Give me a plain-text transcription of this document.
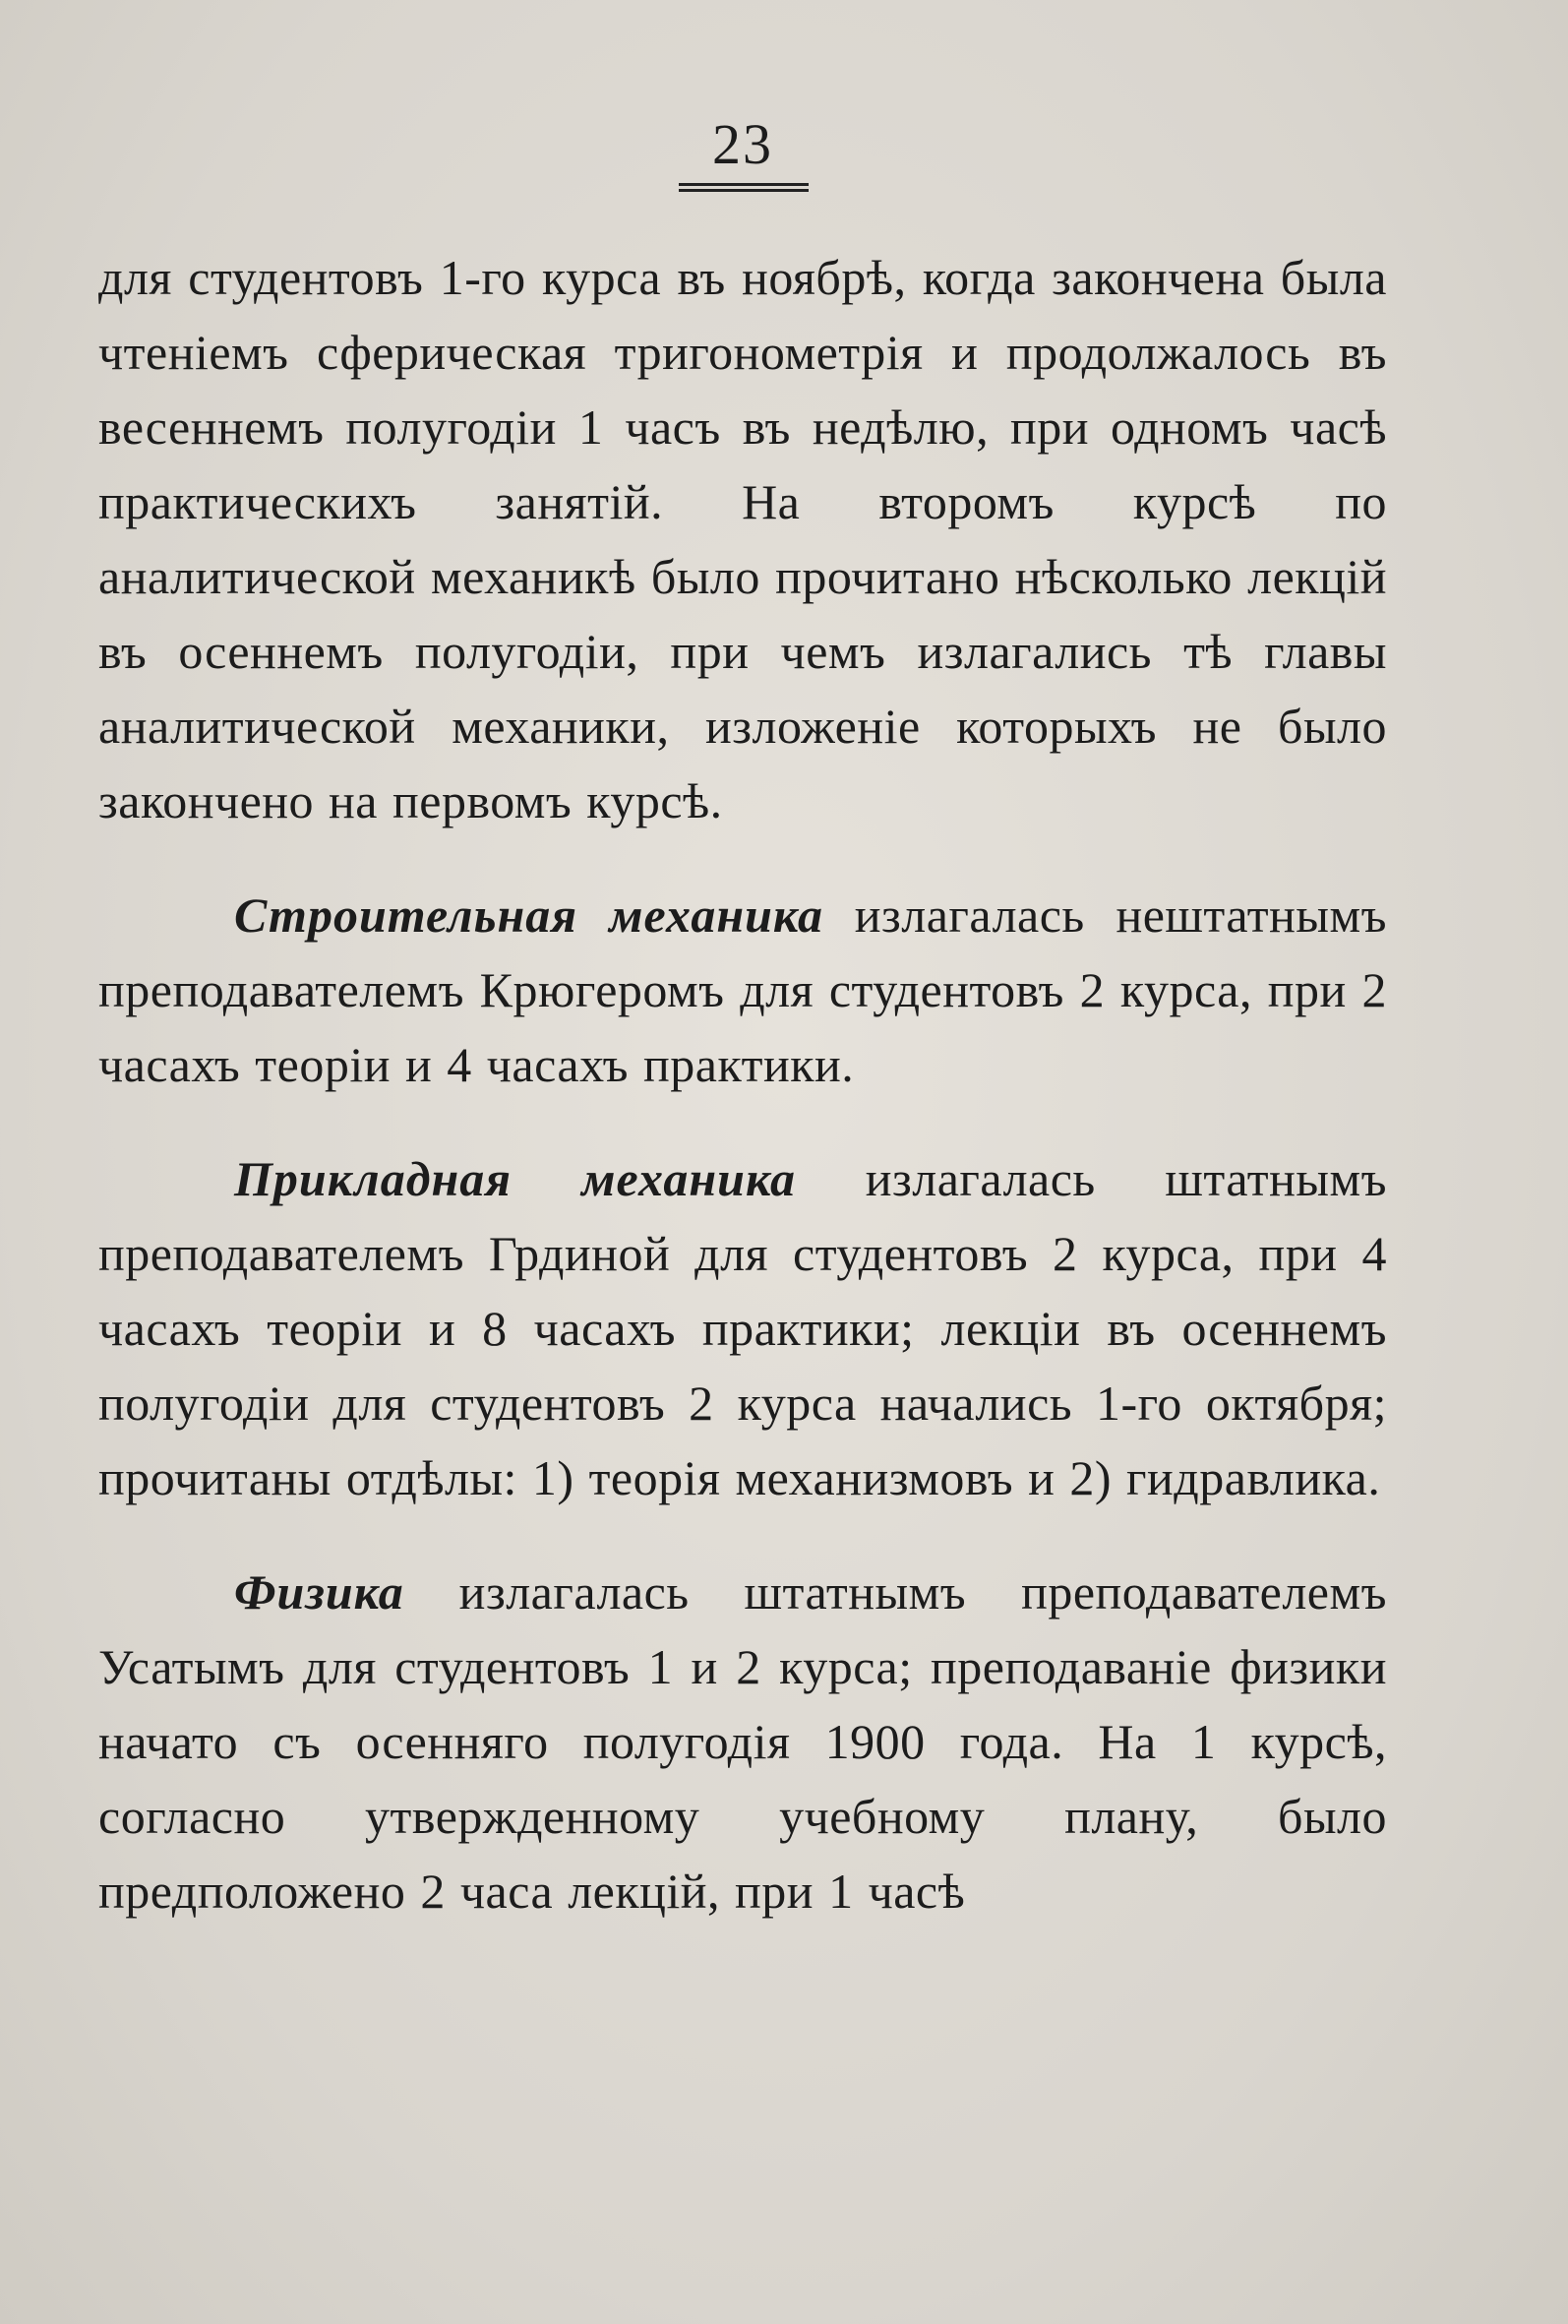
23

для студентовъ 1-го курса въ ноябрѣ, когда закончена была чтеніемъ сферическая тригонометрія и продолжалось въ весеннемъ полугодіи 1 часъ въ недѣлю, при одномъ часѣ практическихъ занятій. На второмъ курсѣ по аналитической механикѣ было прочитано нѣсколько лекцій въ осеннемъ полугодіи, при чемъ излагались тѣ главы аналитической механики, изложеніе которыхъ не было закончено на первомъ курсѣ.

Строительная механика излагалась нештатнымъ преподавателемъ Крюгеромъ для студентовъ 2 курса, при 2 часахъ теоріи и 4 часахъ практики.

Прикладная механика излагалась штатнымъ преподавателемъ Грдиной для студентовъ 2 курса, при 4 часахъ теоріи и 8 часахъ практики; лекціи въ осеннемъ полугодіи для студентовъ 2 курса начались 1-го октября; прочитаны отдѣлы: 1) теорія механизмовъ и 2) гидравлика.

Физика излагалась штатнымъ преподавателемъ Усатымъ для студентовъ 1 и 2 курса; преподаваніе физики начато съ осенняго полугодія 1900 года. На 1 курсѣ, согласно утвержденному учебному плану, было предположено 2 часа лекцій, при 1 часѣ
